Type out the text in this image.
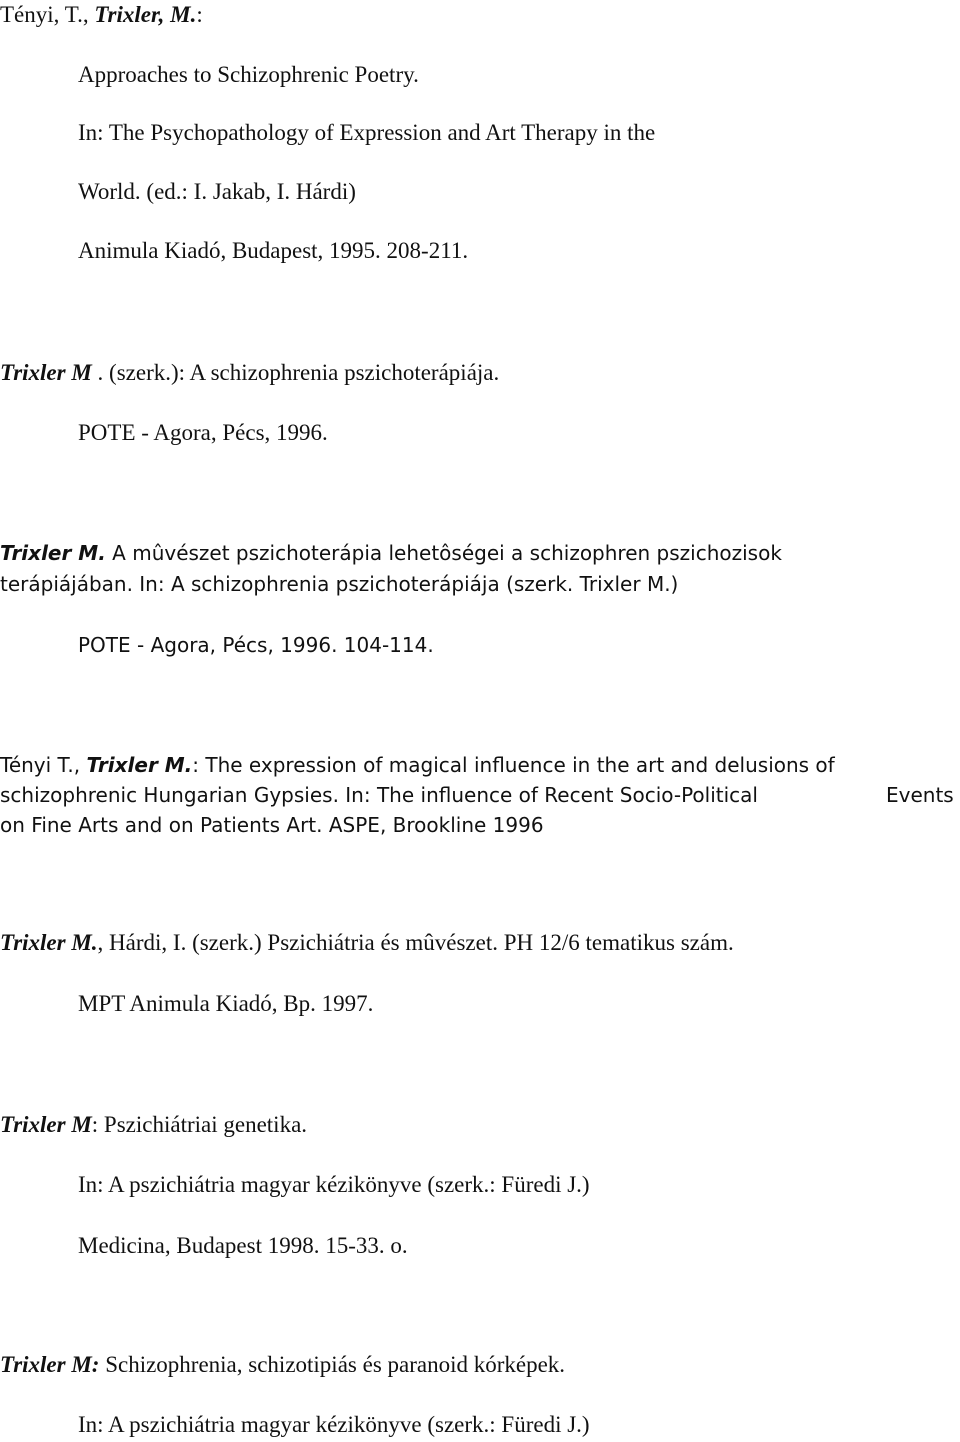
Tényi, T., Trixler, M.:
Approaches to Schizophrenic Poetry.
In: The Psychopathology of Expression and Art Therapy in the
World. (ed.: I. Jakab, I. Hárdi)
Animula Kiadó, Budapest, 1995. 208-211.
Trixler M . (szerk.): A schizophrenia pszichoterápiája.
POTE - Agora, Pécs, 1996.
Trixler M. A mûvészet pszichoterápia lehetôségei a schizophren pszichozisok
terápiájában. In: A schizophrenia pszichoterápiája (szerk. Trixler M.)
POTE - Agora, Pécs, 1996. 104-114.
Tényi T., Trixler M.: The expression of magical influence in the art and delusions of
schizophrenic Hungarian Gypsies. In: The influence of Recent Socio-Political	Events
on Fine Arts and on Patients Art. ASPE, Brookline 1996
Trixler M., Hárdi, I. (szerk.) Pszichiátria és mûvészet. PH 12/6 tematikus szám.
MPT Animula Kiadó, Bp. 1997.
Trixler M: Pszichiátriai genetika.
In: A pszichiátria magyar kézikönyve (szerk.: Füredi J.)
Medicina, Budapest 1998. 15-33. o.
Trixler M: Schizophrenia, schizotipiás és paranoid kórképek.
In: A pszichiátria magyar kézikönyve (szerk.: Füredi J.)
